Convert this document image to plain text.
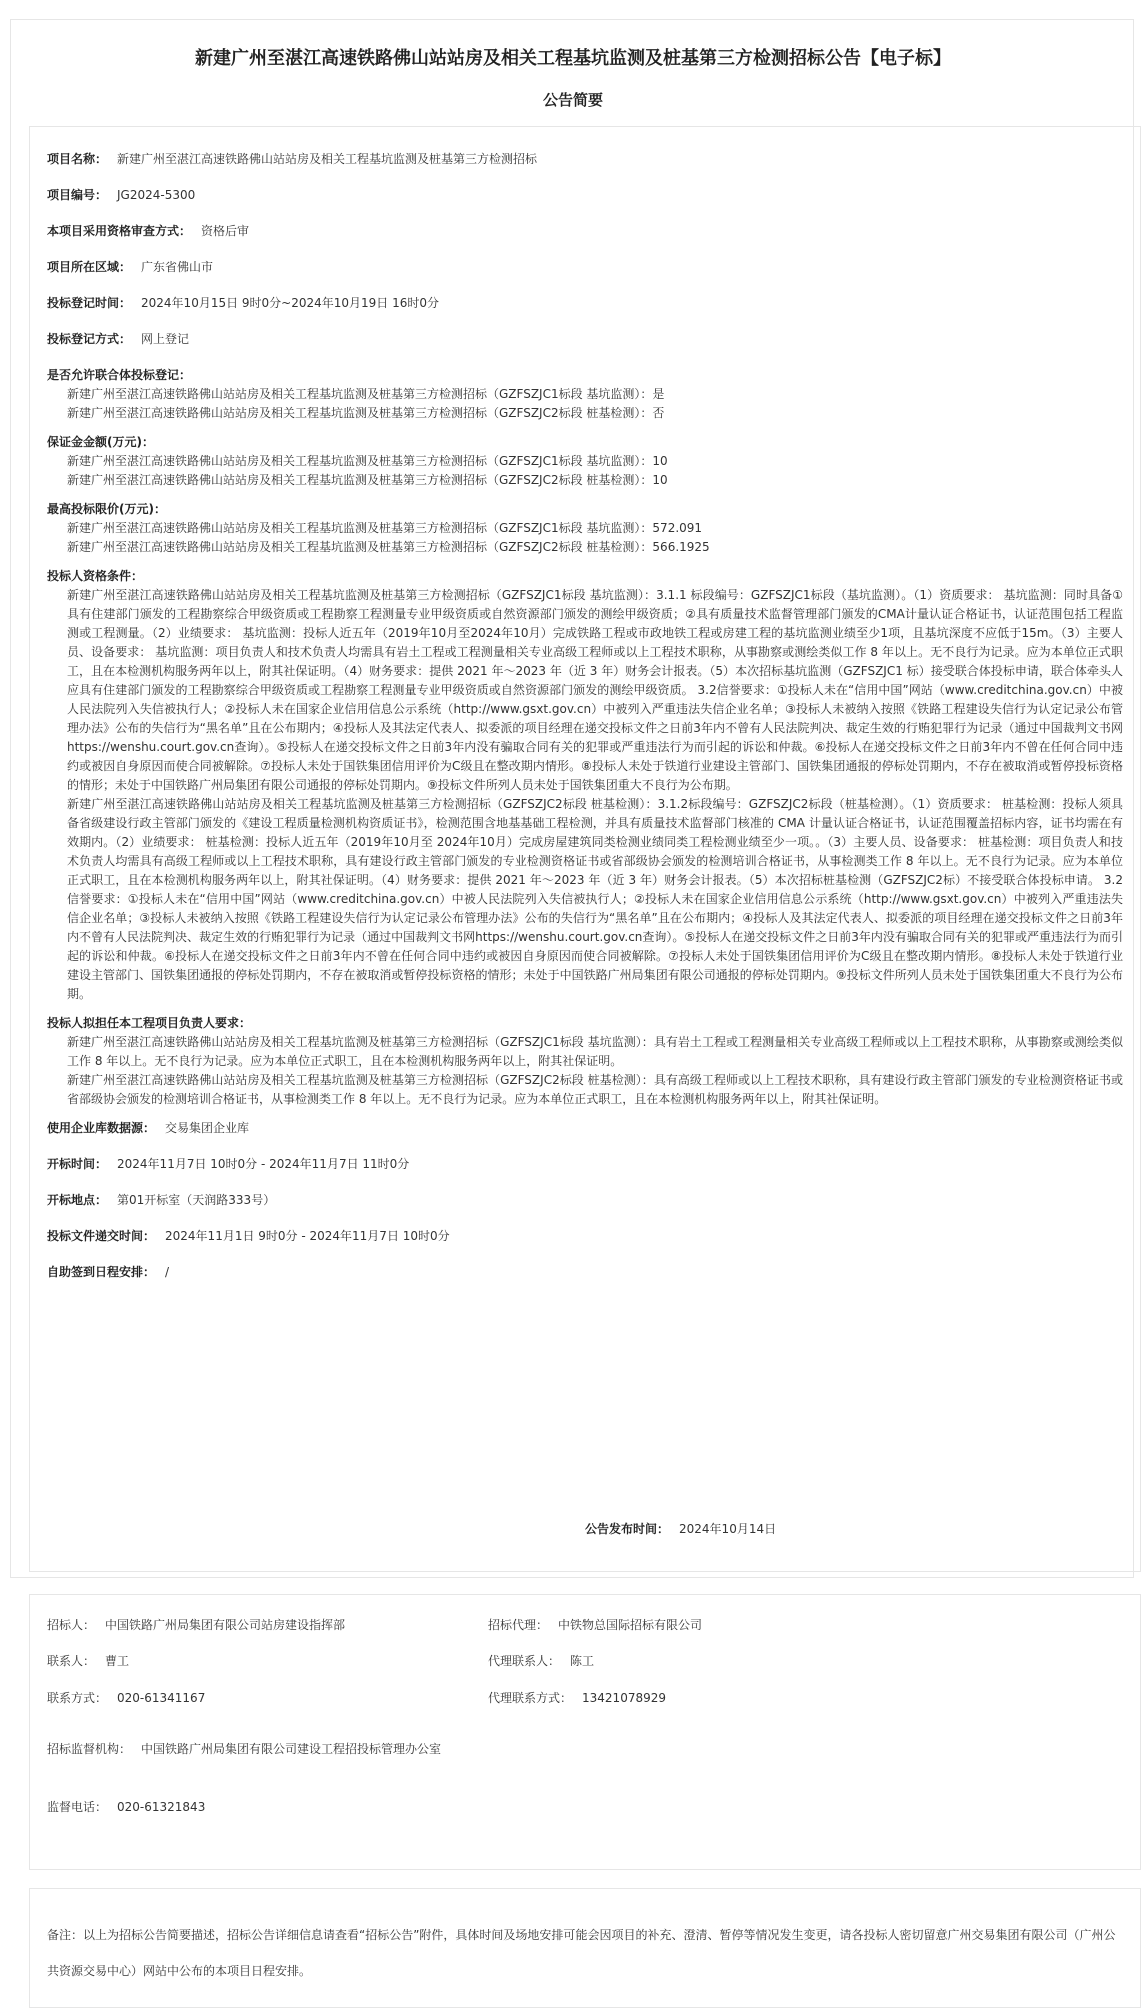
新建广州至湛江高速铁路佛山站站房及相关工程基坑监测及桩基第三方检测招标公告【电子标】
公告简要
项目名称： 新建广州至湛江高速铁路佛山站站房及相关工程基坑监测及桩基第三方检测招标
项目编号： JG2024-5300
本项目采用资格审查方式： 资格后审
项目所在区域： 广东省佛山市
投标登记时间： 2024年10月15日 9时0分~2024年10月19日 16时0分
投标登记方式： 网上登记
是否允许联合体投标登记：
新建广州至湛江高速铁路佛山站站房及相关工程基坑监测及桩基第三方检测招标（GZFSZJC1标段 基坑监测）：是
新建广州至湛江高速铁路佛山站站房及相关工程基坑监测及桩基第三方检测招标（GZFSZJC2标段 桩基检测）：否
保证金金额(万元)：
新建广州至湛江高速铁路佛山站站房及相关工程基坑监测及桩基第三方检测招标（GZFSZJC1标段 基坑监测）：10
新建广州至湛江高速铁路佛山站站房及相关工程基坑监测及桩基第三方检测招标（GZFSZJC2标段 桩基检测）：10
最高投标限价(万元)：
新建广州至湛江高速铁路佛山站站房及相关工程基坑监测及桩基第三方检测招标（GZFSZJC1标段 基坑监测）：572.091
新建广州至湛江高速铁路佛山站站房及相关工程基坑监测及桩基第三方检测招标（GZFSZJC2标段 桩基检测）：566.1925
投标人资格条件：
新建广州至湛江高速铁路佛山站站房及相关工程基坑监测及桩基第三方检测招标（GZFSZJC1标段 基坑监测）：3.1.1 标段编号：GZFSZJC1标段（基坑监测）。（1）资质要求： 基坑监测：同时具备①具有住建部门颁发的工程勘察综合甲级资质或工程勘察工程测量专业甲级资质或自然资源部门颁发的测绘甲级资质；②具有质量技术监督管理部门颁发的CMA计量认证合格证书，认证范围包括工程监测或工程测量。（2）业绩要求： 基坑监测：投标人近五年（2019年10月至2024年10月）完成铁路工程或市政地铁工程或房建工程的基坑监测业绩至少1项，且基坑深度不应低于15m。（3）主要人员、设备要求： 基坑监测：项目负责人和技术负责人均需具有岩土工程或工程测量相关专业高级工程师或以上工程技术职称，从事勘察或测绘类似工作 8 年以上。无不良行为记录。应为本单位正式职工，且在本检测机构服务两年以上，附其社保证明。（4）财务要求：提供 2021 年～2023 年（近 3 年）财务会计报表。（5）本次招标基坑监测（GZFSZJC1 标）接受联合体投标申请，联合体牵头人应具有住建部门颁发的工程勘察综合甲级资质或工程勘察工程测量专业甲级资质或自然资源部门颁发的测绘甲级资质。 3.2信誉要求：①投标人未在“信用中国”网站（www.creditchina.gov.cn）中被人民法院列入失信被执行人；②投标人未在国家企业信用信息公示系统（http://www.gsxt.gov.cn）中被列入严重违法失信企业名单；③投标人未被纳入按照《铁路工程建设失信行为认定记录公布管理办法》公布的失信行为“黑名单”且在公布期内；④投标人及其法定代表人、拟委派的项目经理在递交投标文件之日前3年内不曾有人民法院判决、裁定生效的行贿犯罪行为记录（通过中国裁判文书网https://wenshu.court.gov.cn查询）。⑤投标人在递交投标文件之日前3年内没有骗取合同有关的犯罪或严重违法行为而引起的诉讼和仲裁。⑥投标人在递交投标文件之日前3年内不曾在任何合同中违约或被因自身原因而使合同被解除。⑦投标人未处于国铁集团信用评价为C级且在整改期内情形。⑧投标人未处于铁道行业建设主管部门、国铁集团通报的停标处罚期内，不存在被取消或暂停投标资格的情形；未处于中国铁路广州局集团有限公司通报的停标处罚期内。⑨投标文件所列人员未处于国铁集团重大不良行为公布期。
新建广州至湛江高速铁路佛山站站房及相关工程基坑监测及桩基第三方检测招标（GZFSZJC2标段 桩基检测）：3.1.2标段编号：GZFSZJC2标段（桩基检测）。（1）资质要求： 桩基检测：投标人须具备省级建设行政主管部门颁发的《建设工程质量检测机构资质证书》，检测范围含地基基础工程检测，并具有质量技术监督部门核准的 CMA 计量认证合格证书，认证范围覆盖招标内容，证书均需在有效期内。（2）业绩要求： 桩基检测：投标人近五年（2019年10月至 2024年10月）完成房屋建筑同类检测业绩同类工程检测业绩至少一项。。（3）主要人员、设备要求： 桩基检测：项目负责人和技术负责人均需具有高级工程师或以上工程技术职称，具有建设行政主管部门颁发的专业检测资格证书或省部级协会颁发的检测培训合格证书，从事检测类工作 8 年以上。无不良行为记录。应为本单位正式职工，且在本检测机构服务两年以上，附其社保证明。（4）财务要求：提供 2021 年～2023 年（近 3 年）财务会计报表。（5）本次招标桩基检测（GZFSZJC2标）不接受联合体投标申请。 3.2信誉要求：①投标人未在“信用中国”网站（www.creditchina.gov.cn）中被人民法院列入失信被执行人；②投标人未在国家企业信用信息公示系统（http://www.gsxt.gov.cn）中被列入严重违法失信企业名单；③投标人未被纳入按照《铁路工程建设失信行为认定记录公布管理办法》公布的失信行为“黑名单”且在公布期内；④投标人及其法定代表人、拟委派的项目经理在递交投标文件之日前3年内不曾有人民法院判决、裁定生效的行贿犯罪行为记录（通过中国裁判文书网https://wenshu.court.gov.cn查询）。⑤投标人在递交投标文件之日前3年内没有骗取合同有关的犯罪或严重违法行为而引起的诉讼和仲裁。⑥投标人在递交投标文件之日前3年内不曾在任何合同中违约或被因自身原因而使合同被解除。⑦投标人未处于国铁集团信用评价为C级且在整改期内情形。⑧投标人未处于铁道行业建设主管部门、国铁集团通报的停标处罚期内，不存在被取消或暂停投标资格的情形；未处于中国铁路广州局集团有限公司通报的停标处罚期内。⑨投标文件所列人员未处于国铁集团重大不良行为公布期。
投标人拟担任本工程项目负责人要求：
新建广州至湛江高速铁路佛山站站房及相关工程基坑监测及桩基第三方检测招标（GZFSZJC1标段 基坑监测）：具有岩土工程或工程测量相关专业高级工程师或以上工程技术职称，从事勘察或测绘类似工作 8 年以上。无不良行为记录。应为本单位正式职工，且在本检测机构服务两年以上，附其社保证明。
新建广州至湛江高速铁路佛山站站房及相关工程基坑监测及桩基第三方检测招标（GZFSZJC2标段 桩基检测）：具有高级工程师或以上工程技术职称，具有建设行政主管部门颁发的专业检测资格证书或省部级协会颁发的检测培训合格证书，从事检测类工作 8 年以上。无不良行为记录。应为本单位正式职工，且在本检测机构服务两年以上，附其社保证明。
使用企业库数据源： 交易集团企业库
开标时间： 2024年11月7日 10时0分 - 2024年11月7日 11时0分
开标地点： 第01开标室（天润路333号）
投标文件递交时间： 2024年11月1日 9时0分 - 2024年11月7日 10时0分
自助签到日程安排： /
公告发布时间： 2024年10月14日
招标人： 中国铁路广州局集团有限公司站房建设指挥部	招标代理： 中铁物总国际招标有限公司
联系人： 曹工	代理联系人： 陈工
联系方式： 020-61341167	代理联系方式： 13421078929
招标监督机构： 中国铁路广州局集团有限公司建设工程招投标管理办公室
监督电话： 020-61321843
备注：以上为招标公告简要描述，招标公告详细信息请查看“招标公告”附件，具体时间及场地安排可能会因项目的补充、澄清、暂停等情况发生变更，请各投标人密切留意广州交易集团有限公司（广州公共资源交易中心）网站中公布的本项目日程安排。
